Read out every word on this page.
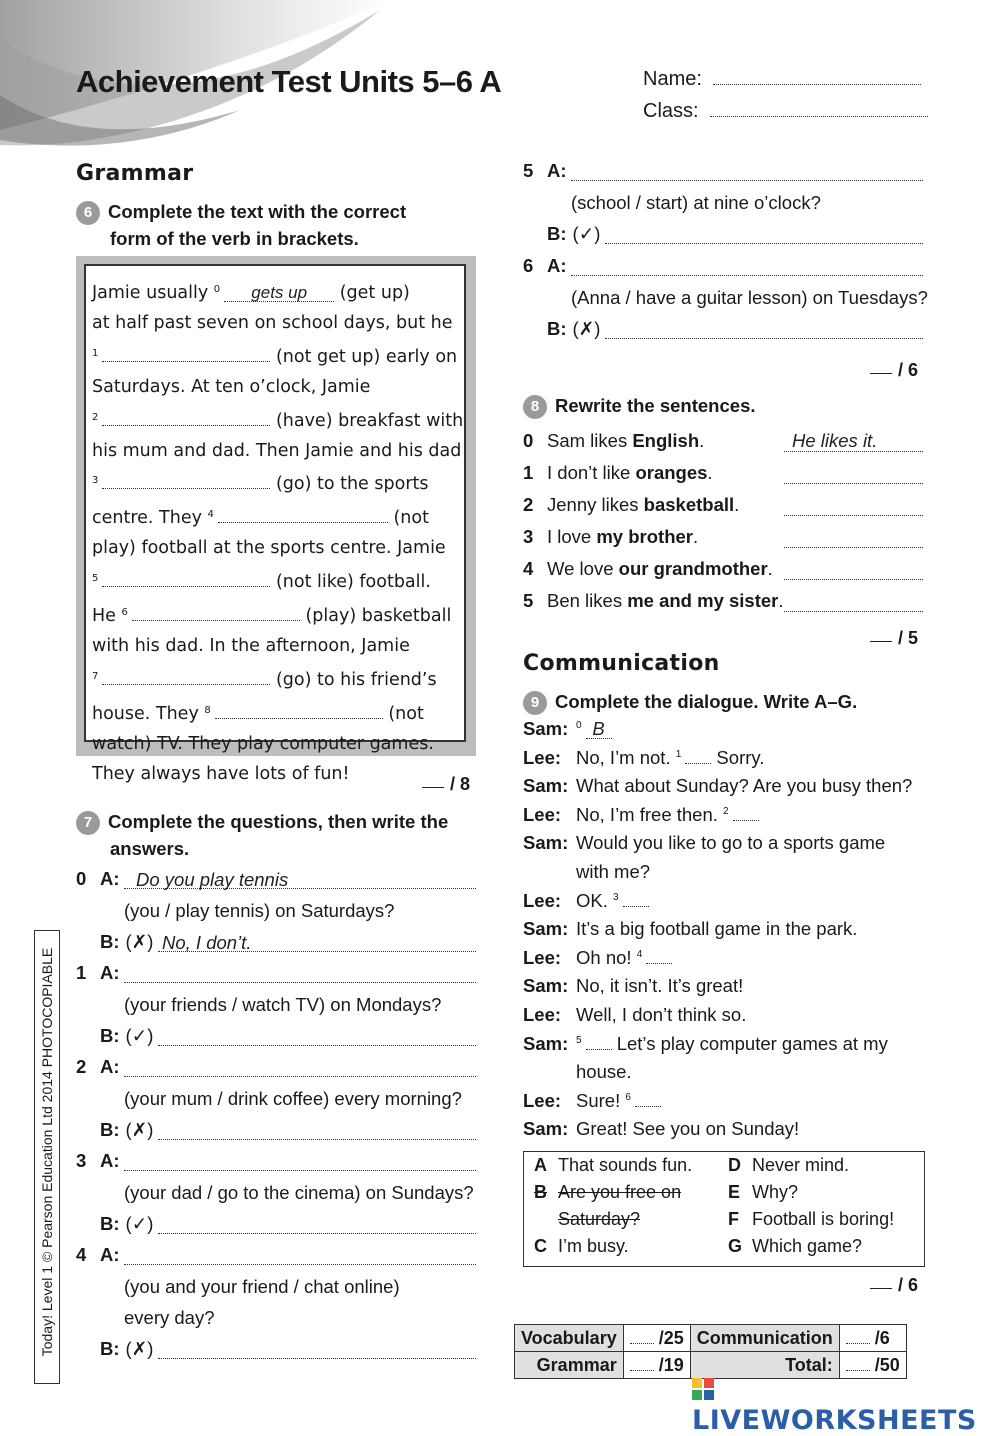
Achievement Test Units 5–6 A	Name:
Class:
Grammar
6 Complete the text with the correct
form of the verb in brackets.
Jamie usually $^0$ gets up (get up)
at half past seven on school days, but he
$^1$	(not get up) early on
Saturdays. At ten o’clock, Jamie
$^2$	(have) breakfast with
his mum and dad. Then Jamie and his dad
$^3$	(go) to the sports
centre. They $^4$	(not
play) football at the sports centre. Jamie
$^5$	(not like) football.
He $^6$	(play) basketball
with his dad. In the afternoon, Jamie
$^7$	(go) to his friend’s
house. They $^8$	(not
watch) TV. They play computer games.
They always have lots of fun!
/ 8
7 Complete the questions, then write the
answers.
0 A: Do you play tennis
(you / play tennis) on Saturdays?
B: (✗) No, I don’t.
1 A:
(your friends / watch TV) on Mondays?
B: (✓)
2 A:
(your mum / drink coffee) every morning?
B: (✗)
3 A:
(your dad / go to the cinema) on Sundays?
B: (✓)
4 A:
(you and your friend / chat online)
every day?
B: (✗)
5 A:
(school / start) at nine o’clock?
B: (✓)
6 A:
(Anna / have a guitar lesson) on Tuesdays?
B: (✗)
/ 6
8 Rewrite the sentences.
0 Sam likes English.	He likes it.
1 I don’t like oranges.
2 Jenny likes basketball.
3 I love my brother.
4 We love our grandmother.
5 Ben likes me and my sister.
/ 5
Communication
9 Complete the dialogue. Write A–G.
Sam: $^0$ B
Lee: No, I’m not. $^1$ Sorry.
Sam: What about Sunday? Are you busy then?
Lee: No, I’m free then. $^2$
Sam: Would you like to go to a sports game
with me?
Lee: OK. $^3$
Sam: It’s a big football game in the park.
Lee: Oh no! $^4$
Sam: No, it isn’t. It’s great!
Lee: Well, I don’t think so.
Sam: $^5$ Let’s play computer games at my
house.
Lee: Sure! $^6$
Sam: Great! See you on Sunday!
A That sounds fun.
B Are you free on
Saturday?
C I’m busy.
D Never mind.
E Why?
F Football is boring!
G Which game?
/ 6
Vocabulary	/25	Communication	/6
Grammar	/19	Total:	/50
Today! Level 1 © Pearson Education Ltd 2014 PHOTOCOPIABLE
LIVEWORKSHEETS
